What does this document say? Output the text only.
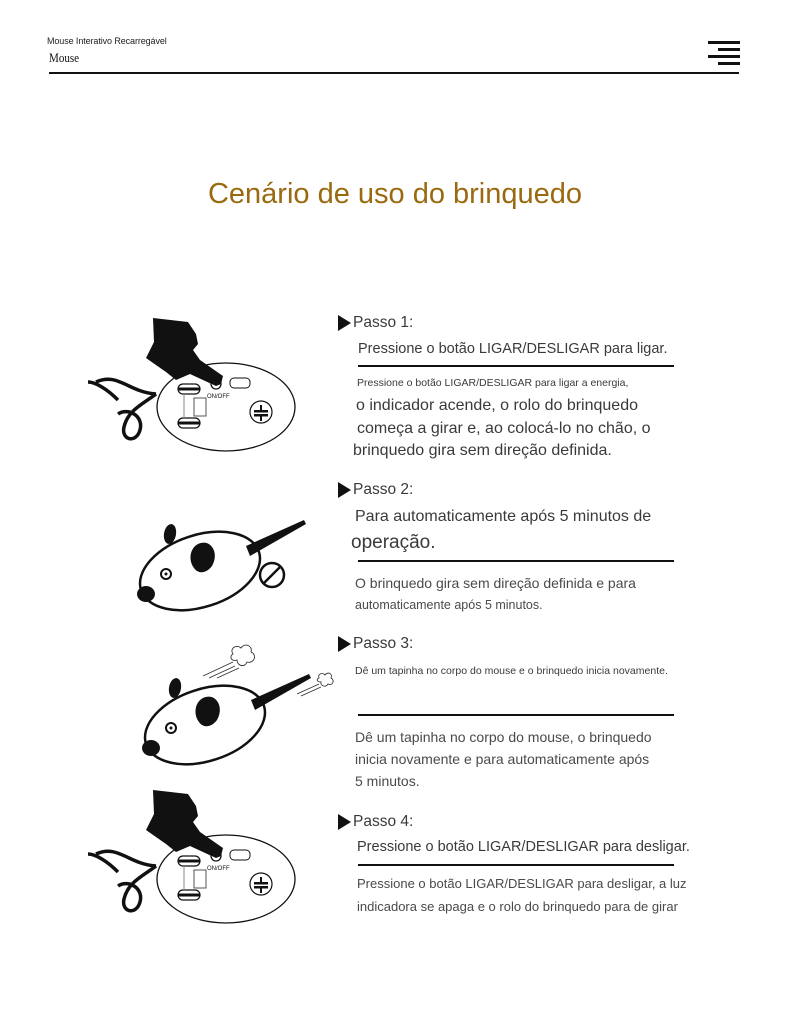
Mouse Interativo Recarregável
Mouse
Cenário de uso do brinquedo
Passo 1:
Pressione o botão LIGAR/DESLIGAR para ligar.
Pressione o botão LIGAR/DESLIGAR para ligar a energia,
o indicador acende, o rolo do brinquedo
começa a girar e, ao colocá-lo no chão, o
brinquedo gira sem direção definida.
Passo 2:
Para automaticamente após 5 minutos de
operação.
O brinquedo gira sem direção definida e para
automaticamente após 5 minutos.
Passo 3:
Dê um tapinha no corpo do mouse e o brinquedo inicia novamente.
Dê um tapinha no corpo do mouse, o brinquedo
inicia novamente e para automaticamente após
5 minutos.
Passo 4:
Pressione o botão LIGAR/DESLIGAR para desligar.
Pressione o botão LIGAR/DESLIGAR para desligar, a luz
indicadora se apaga e o rolo do brinquedo para de girar
